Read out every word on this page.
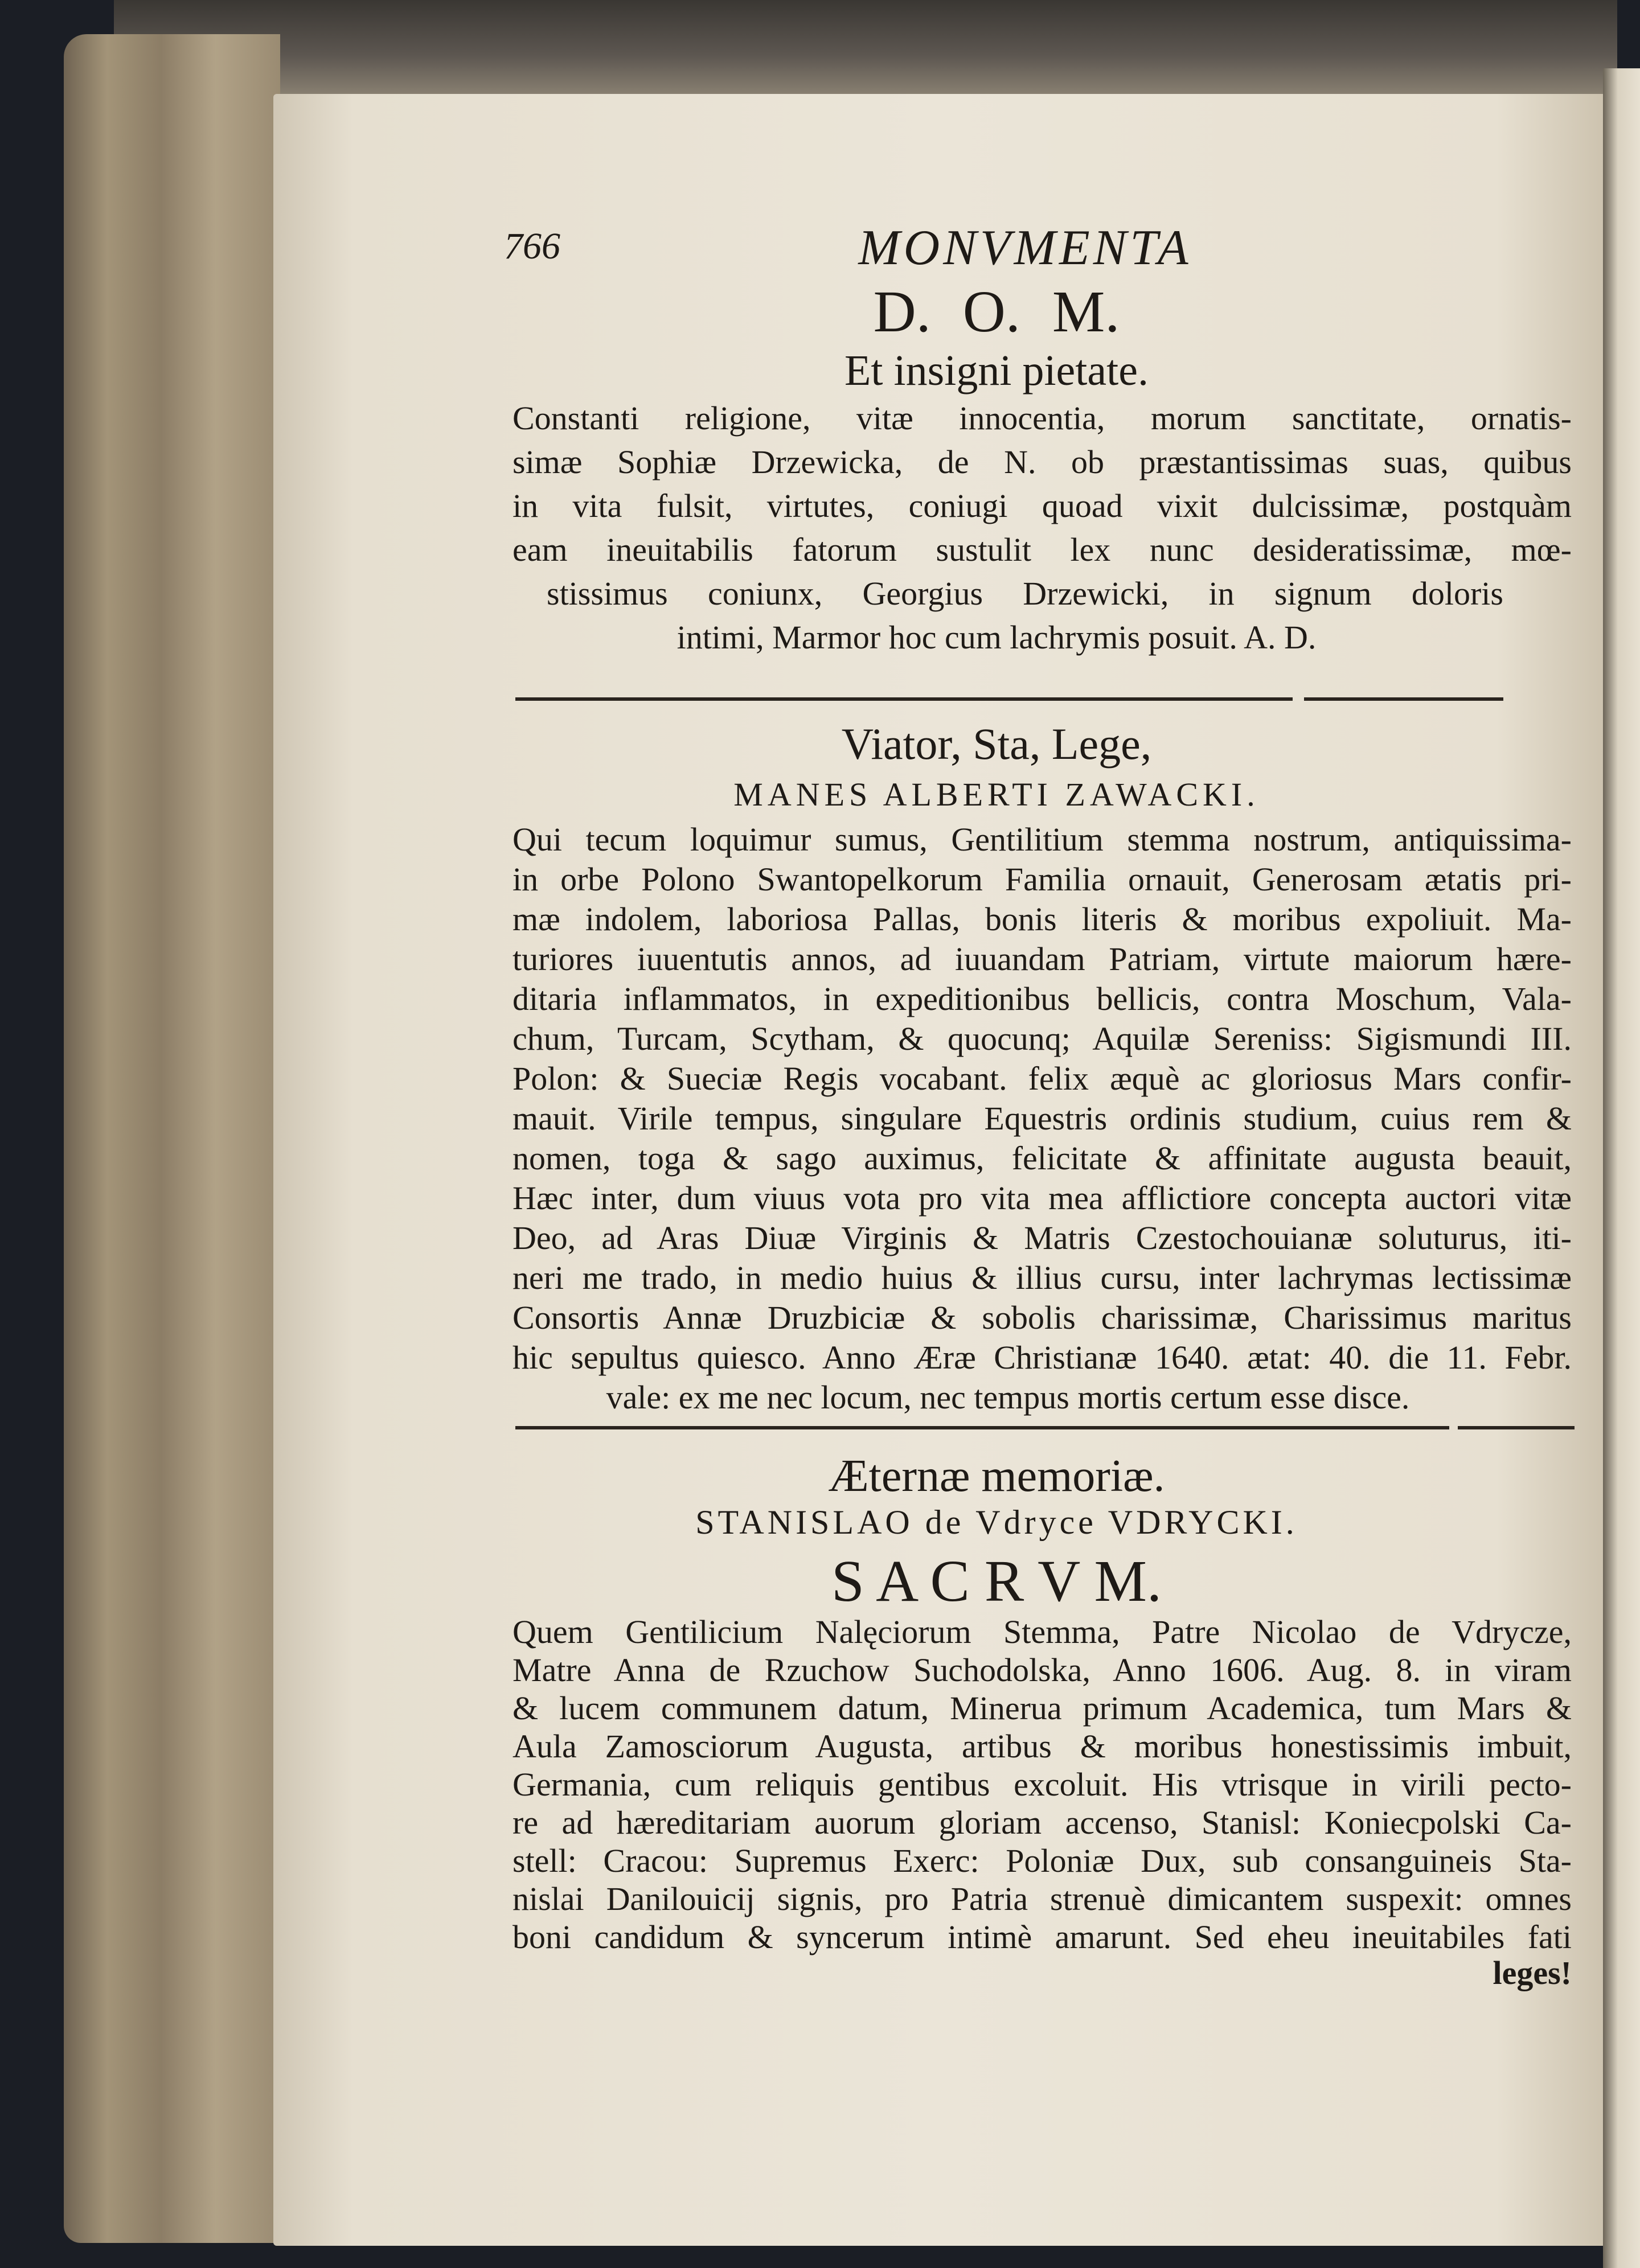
766	MONVMENTA
D. O. M.
Et insigni pietate.
Constanti religione, vitæ innocentia, morum sanctitate, ornatis-
simæ Sophiæ Drzewicka, de N. ob præstantissimas suas, quibus
in vita fulsit, virtutes, coniugi quoad vixit dulcissimæ, postquàm
eam ineuitabilis fatorum sustulit lex nunc desideratissimæ, mœ-
stissimus coniunx, Georgius Drzewicki, in signum doloris
intimi, Marmor hoc cum lachrymis posuit. A. D.
Viator, Sta, Lege,
MANES ALBERTI ZAWACKI.
Qui tecum loquimur sumus, Gentilitium stemma nostrum, antiquissima-
in orbe Polono Swantopelkorum Familia ornauit, Generosam ætatis pri-
mæ indolem, laboriosa Pallas, bonis literis & moribus expoliuit. Ma-
turiores iuuentutis annos, ad iuuandam Patriam, virtute maiorum hære-
ditaria inflammatos, in expeditionibus bellicis, contra Moschum, Vala-
chum, Turcam, Scytham, & quocunq; Aquilæ Sereniss: Sigismundi III.
Polon: & Sueciæ Regis vocabant. felix æquè ac gloriosus Mars confir-
mauit. Virile tempus, singulare Equestris ordinis studium, cuius rem &
nomen, toga & sago auximus, felicitate & affinitate augusta beauit,
Hæc inter, dum viuus vota pro vita mea afflictiore concepta auctori vitæ
Deo, ad Aras Diuæ Virginis & Matris Czestochouianæ soluturus, iti-
neri me trado, in medio huius & illius cursu, inter lachrymas lectissimæ
Consortis Annæ Druzbiciæ & sobolis charissimæ, Charissimus maritus
hic sepultus quiesco. Anno Æræ Christianæ 1640. ætat: 40. die 11. Febr.
vale: ex me nec locum, nec tempus mortis certum esse disce.
Æternæ memoriæ.
STANISLAO de Vdryce VDRYCKI.
S A C R V M.
Quem Gentilicium Nalęciorum Stemma, Patre Nicolao de Vdrycze,
Matre Anna de Rzuchow Suchodolska, Anno 1606. Aug. 8. in viram
& lucem communem datum, Minerua primum Academica, tum Mars &
Aula Zamosciorum Augusta, artibus & moribus honestissimis imbuit,
Germania, cum reliquis gentibus excoluit. His vtrisque in virili pecto-
re ad hæreditariam auorum gloriam accenso, Stanisl: Koniecpolski Ca-
stell: Cracou: Supremus Exerc: Poloniæ Dux, sub consanguineis Sta-
nislai Danilouicij signis, pro Patria strenuè dimicantem suspexit: omnes
boni candidum & syncerum intimè amarunt. Sed eheu ineuitabiles fati
leges!
